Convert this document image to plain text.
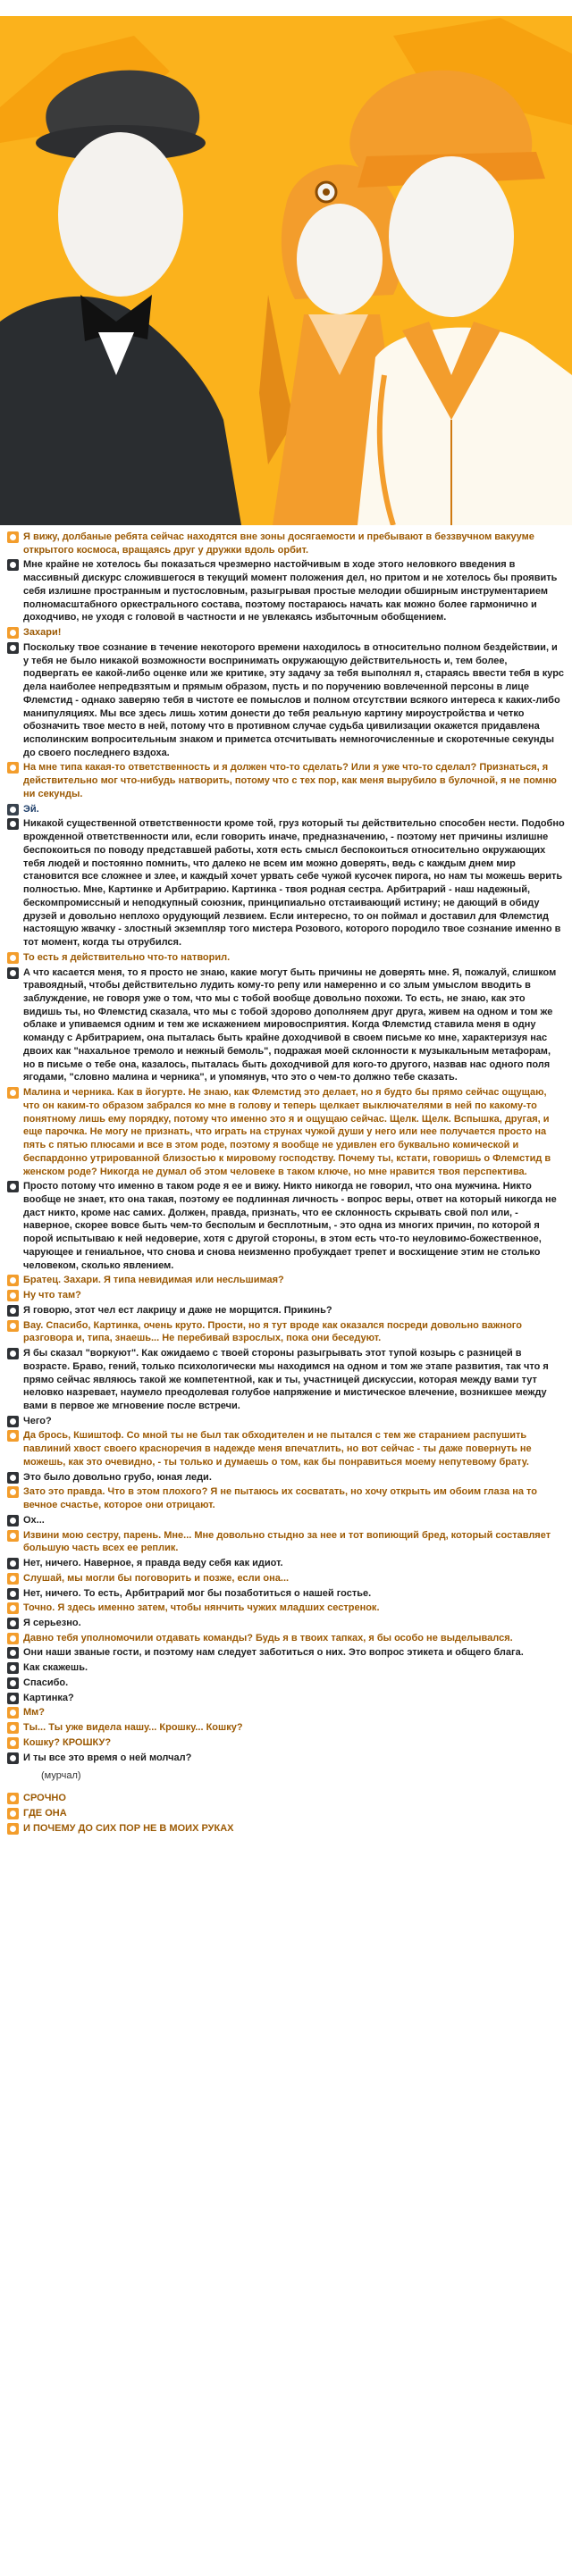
Я вижу, долбаные ребята сейчас находятся вне зоны досягаемости и пребывают в беззвучном вакууме открытого космоса, вращаясь друг у дружки вдоль орбит.
Мне крайне не хотелось бы показаться чрезмерно настойчивым в ходе этого неловкого введения в массивный дискурс сложившегося в текущий момент положения дел, но притом и не хотелось бы проявить себя излишне пространным и пустословным, разыгрывая простые мелодии обширным инструментарием полномасштабного оркестрального состава, поэтому постараюсь начать как можно более гармонично и доходчиво, не уходя с головой в частности и не увлекаясь избыточным обобщением.
Захари!
Поскольку твое сознание в течение некоторого времени находилось в относительно полном бездействии, и у тебя не было никакой возможности воспринимать окружающую действительность и, тем более, подвергать ее какой-либо оценке или же критике, эту задачу за тебя выполнял я, стараясь ввести тебя в курс дела наиболее непредвзятым и прямым образом, пусть и по поручению вовлеченной персоны в лице Флемстид - однако заверяю тебя в чистоте ее помыслов и полном отсутствии всякого интереса к каких-либо манипуляциях. Мы все здесь лишь хотим донести до тебя реальную картину мироустройства и четко обозначить твое место в ней, потому что в противном случае судьба цивилизации окажется придавлена исполинским вопросительным знаком и приметса отсчитывать немногочисленные и скоротечные секунды до своего последнего вздоха.
На мне типа какая-то ответственность и я должен что-то сделать? Или я уже что-то сделал? Признаться, я действительно мог что-нибудь натворить, потому что с тех пор, как меня вырубило в булочной, я не помню ни секунды.
Эй.
Никакой существенной ответственности кроме той, груз который ты действительно способен нести. Подобно врожденной ответственности или, если говорить иначе, предназначению, - поэтому нет причины излишне беспокоиться по поводу представшей работы, хотя есть смысл беспокоиться относительно окружающих тебя людей и постоянно помнить, что далеко не всем им можно доверять, ведь с каждым днем мир становится все сложнее и злее, и каждый хочет урвать себе чужой кусочек пирога, но нам ты можешь верить полностью. Мне, Картинке и Арбитрарию. Картинка - твоя родная сестра. Арбитрарий - наш надежный, бескомпромиссный и неподкупный союзник, принципиально отстаивающий истину; не дающий в обиду друзей и довольно неплохо орудующий лезвием. Если интересно, то он поймал и доставил для Флемстид настоящую жвачку - злостный экземпляр того мистера Розового, которого породило твое сознание именно в тот момент, когда ты отрубился.
То есть я действительно что-то натворил.
А что касается меня, то я просто не знаю, какие могут быть причины не доверять мне. Я, пожалуй, слишком травоядный, чтобы действительно лудить кому-то репу или намеренно и со злым умыслом вводить в заблуждение, не говоря уже о том, что мы с тобой вообще довольно похожи. То есть, не знаю, как это видишь ты, но Флемстид сказала, что мы с тобой здорово дополняем друг друга, живем на одном и том же облаке и упиваемся одним и тем же искажением мировосприятия. Когда Флемстид ставила меня в одну команду с Арбитрарием, она пыталась быть крайне доходчивой в своем письме ко мне, характеризуя нас двоих как "нахальное тремоло и нежный бемоль", подражая моей склонности к музыкальным метафорам, но в письме о тебе она, казалось, пыталась быть доходчивой для кого-то другого, назвав нас одного поля ягодами, "словно малина и черника", и упомянув, что это о чем-то должно тебе сказать.
Малина и черника. Как в йогурте. Не знаю, как Флемстид это делает, но я будто бы прямо сейчас ощущаю, что он каким-то образом забрался ко мне в голову и теперь щелкает выключателями в ней по какому-то понятному лишь ему порядку, потому что именно это я и ощущаю сейчас. Щелк. Щелк. Вспышка, другая, и еще парочка. Не могу не признать, что играть на струнах чужой души у него или нее получается просто на пять с пятью плюсами и все в этом роде, поэтому я вообще не удивлен его буквально комической и беспардонно утрированной близостью к мировому господству. Почему ты, кстати, говоришь о Флемстид в женском роде? Никогда не думал об этом человеке в таком ключе, но мне нравится твоя перспектива.
Просто потому что именно в таком роде я ее и вижу. Никто никогда не говорил, что она мужчина. Никто вообще не знает, кто она такая, поэтому ее подлинная личность - вопрос веры, ответ на который никогда не даст никто, кроме нас самих. Должен, правда, признать, что ее склонность скрывать свой пол или, - наверное, скорее вовсе быть чем-то бесполым и бесплотным, - это одна из многих причин, по которой я порой испытываю к ней недоверие, хотя с другой стороны, в этом есть что-то неуловимо-божественное, чарующее и гениальное, что снова и снова неизменно пробуждает трепет и восхищение этим не столько человеком, сколько явлением.
Братец. Захари. Я типа невидимая или несльшимая?
Ну что там?
Я говорю, этот чел ест лакрицу и даже не морщится. Прикинь?
Вау. Спасибо, Картинка, очень круто. Прости, но я тут вроде как оказался посреди довольно важного разговора и, типа, знаешь... Не перебивай взрослых, пока они беседуют.
Я бы сказал "воркуют". Как ожидаемо с твоей стороны разыгрывать этот тупой козырь с разницей в возрасте. Браво, гений, только психологически мы находимся на одном и том же этапе развития, так что я прямо сейчас являюсь такой же компетентной, как и ты, участницей дискуссии, которая между вами тут неловко назревает, наумело преодолевая голубое напряжение и мистическое влечение, возникшее между вами в первое же мгновение после встречи.
Чего?
Да брось, Кшиштоф. Со мной ты не был так обходителен и не пытался с тем же старанием распушить павлиний хвост своего красноречия в надежде меня впечатлить, но вот сейчас - ты даже повернуть не можешь, как это очевидно, - ты только и думаешь о том, как бы понравиться моему непутевому брату.
Это было довольно грубо, юная леди.
Зато это правда. Что в этом плохого? Я не пытаюсь их сосватать, но хочу открыть им обоим глаза на то вечное счастье, которое они отрицают.
Ох...
Извини мою сестру, парень. Мне... Мне довольно стыдно за нее и тот вопиющий бред, который составляет большую часть всех ее реплик.
Нет, ничего. Наверное, я правда веду себя как идиот.
Слушай, мы могли бы поговорить и позже, если она...
Нет, ничего. То есть, Арбитрарий мог бы позаботиться о нашей гостье.
Точно. Я здесь именно затем, чтобы нянчить чужих младших сестренок.
Я серьезно.
Давно тебя уполномочили отдавать команды? Будь я в твоих тапках, я бы особо не выделывался.
Они наши званые гости, и поэтому нам следует заботиться о них. Это вопрос этикета и общего блага.
Как скажешь.
Спасибо.
Картинка?
Мм?
Ты... Ты уже видела нашу... Крошку... Кошку?
Кошку? КРОШКУ?
И ты все это время о ней молчал?
(мурчал)
СРОЧНО
ГДЕ ОНА
И ПОЧЕМУ ДО СИХ ПОР НЕ В МОИХ РУКАХ
